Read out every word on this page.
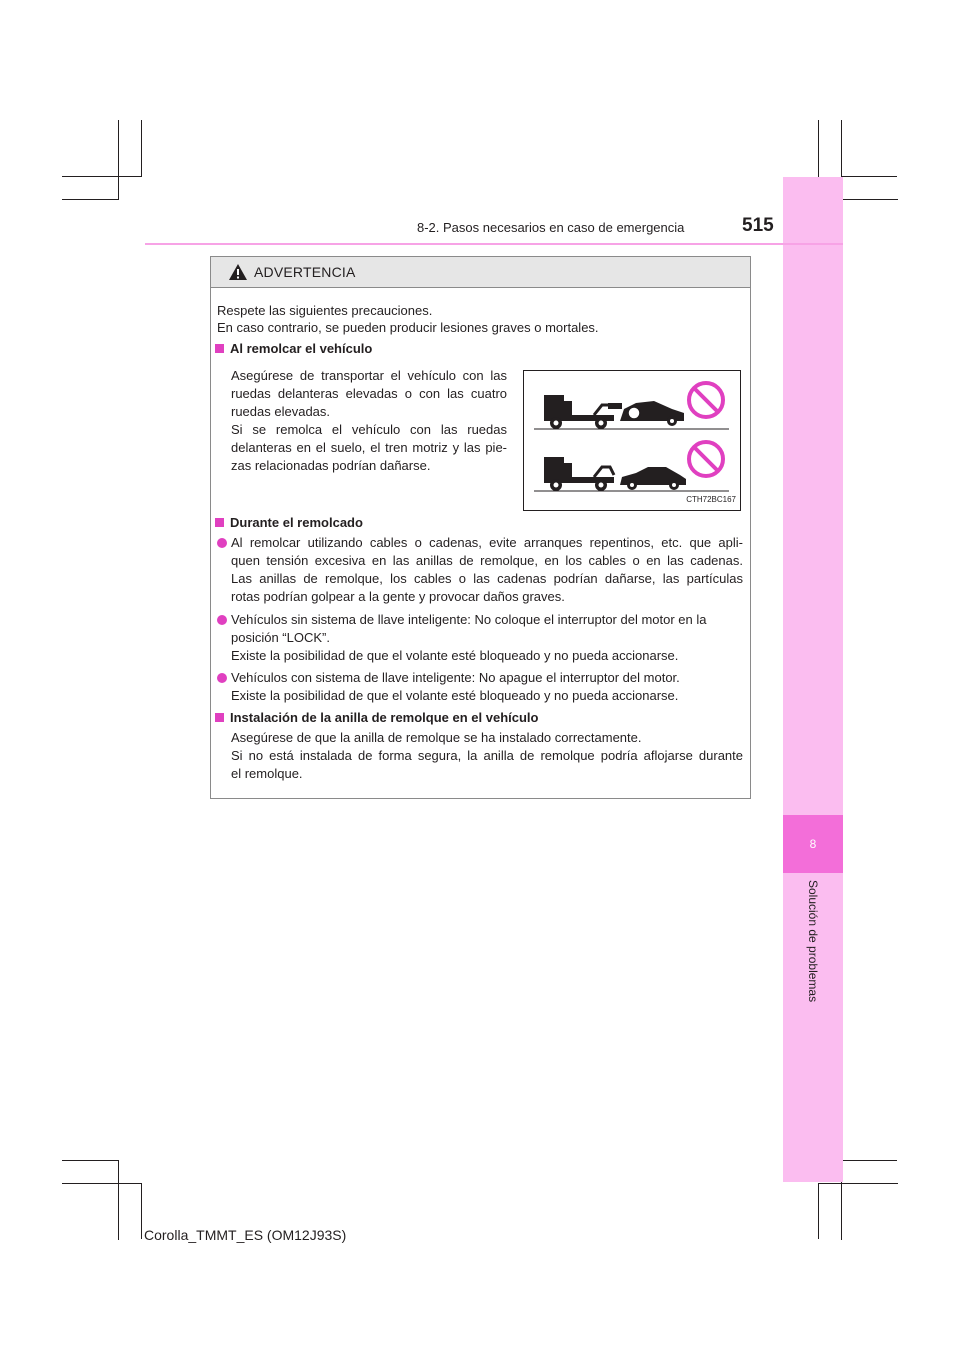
8
Solución de problemas
8-2. Pasos necesarios en caso de emergencia	515
ADVERTENCIA
Respete las siguientes precauciones.
En caso contrario, se pueden producir lesiones graves o mortales.
Al remolcar el vehículo
Asegúrese de transportar el vehículo con las
ruedas delanteras elevadas o con las cuatro
ruedas elevadas.
Si se remolca el vehículo con las ruedas
delanteras en el suelo, el tren motriz y las pie-
zas relacionadas podrían dañarse.
CTH72BC167
Durante el remolcado
Al remolcar utilizando cables o cadenas, evite arranques repentinos, etc. que apli-
quen tensión excesiva en las anillas de remolque, en los cables o en las cadenas.
Las anillas de remolque, los cables o las cadenas podrían dañarse, las partículas
rotas podrían golpear a la gente y provocar daños graves.
Vehículos sin sistema de llave inteligente: No coloque el interruptor del motor en la
posición “LOCK”.
Existe la posibilidad de que el volante esté bloqueado y no pueda accionarse.
Vehículos con sistema de llave inteligente: No apague el interruptor del motor.
Existe la posibilidad de que el volante esté bloqueado y no pueda accionarse.
Instalación de la anilla de remolque en el vehículo
Asegúrese de que la anilla de remolque se ha instalado correctamente.
Si no está instalada de forma segura, la anilla de remolque podría aflojarse durante
el remolque.
Corolla_TMMT_ES (OM12J93S)
